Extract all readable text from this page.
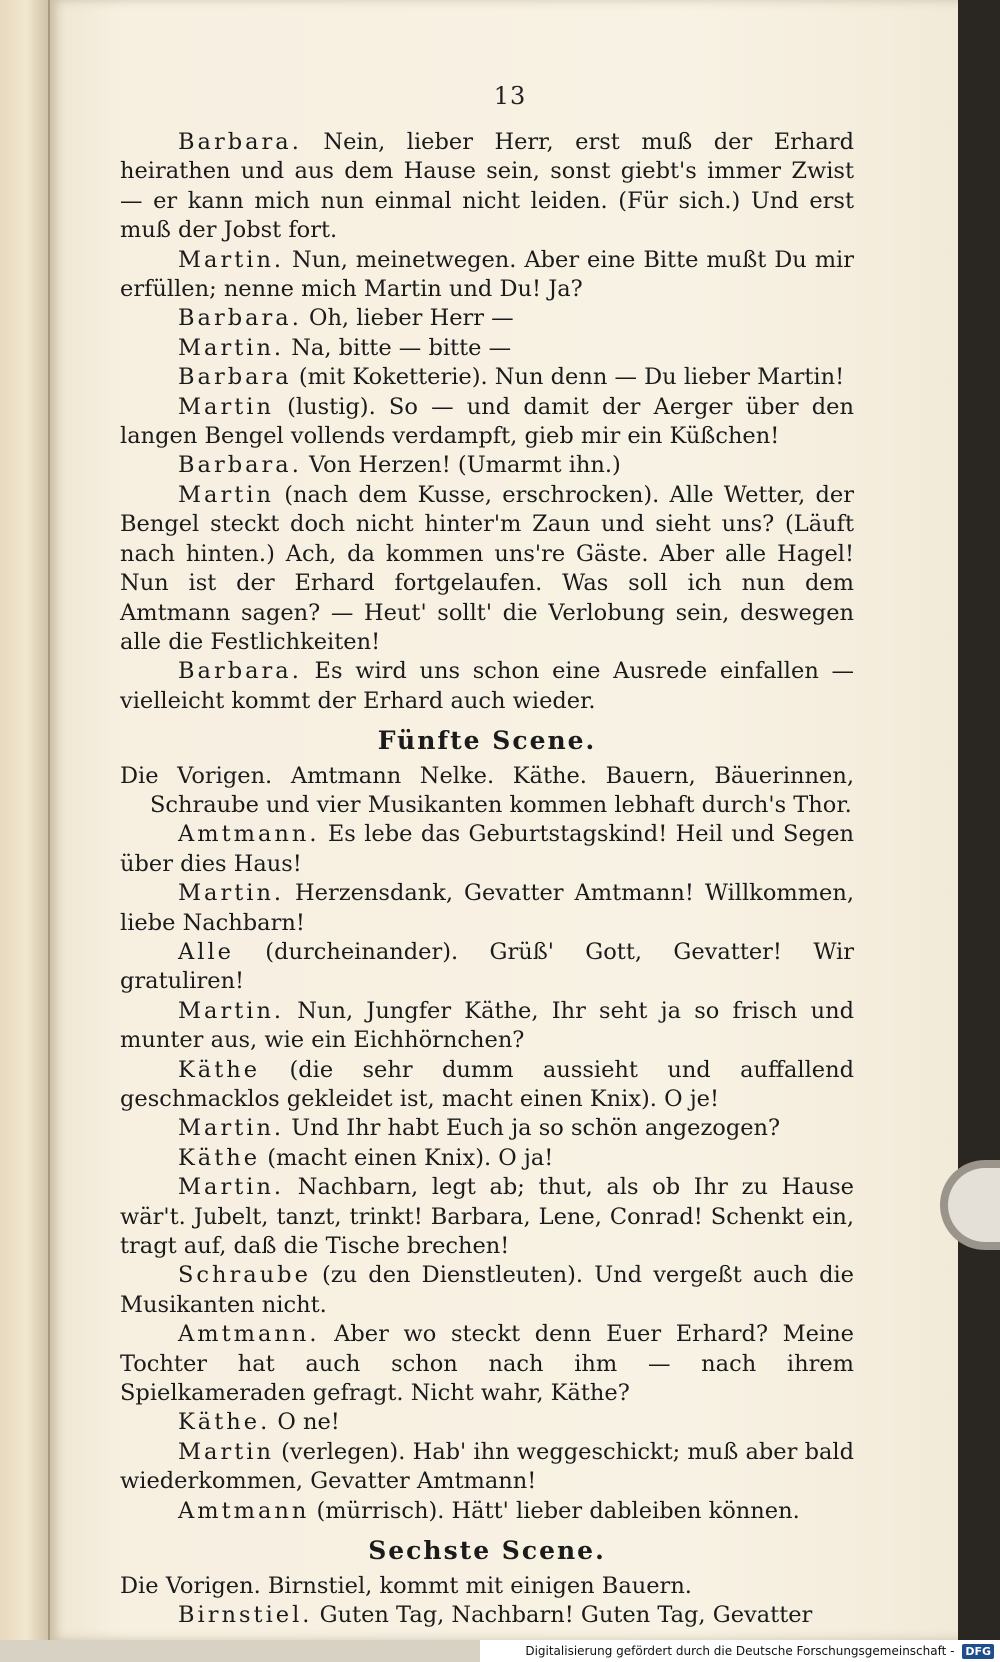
13

Barbara. Nein, lieber Herr, erst muß der Erhard heirathen und aus dem Hause sein, sonst giebt's immer Zwist — er kann mich nun einmal nicht leiden. (Für sich.) Und erst muß der Jobst fort.

Martin. Nun, meinetwegen. Aber eine Bitte mußt Du mir erfüllen; nenne mich Martin und Du! Ja?

Barbara. Oh, lieber Herr —

Martin. Na, bitte — bitte —

Barbara (mit Koketterie). Nun denn — Du lieber Martin!

Martin (lustig). So — und damit der Aerger über den langen Bengel vollends verdampft, gieb mir ein Küßchen!

Barbara. Von Herzen! (Umarmt ihn.)

Martin (nach dem Kusse, erschrocken). Alle Wetter, der Bengel steckt doch nicht hinter'm Zaun und sieht uns? (Läuft nach hinten.) Ach, da kommen uns're Gäste. Aber alle Hagel! Nun ist der Erhard fortgelaufen. Was soll ich nun dem Amtmann sagen? — Heut' sollt' die Verlobung sein, deswegen alle die Festlichkeiten!

Barbara. Es wird uns schon eine Ausrede einfallen — vielleicht kommt der Erhard auch wieder.

Fünfte Scene.

Die Vorigen. Amtmann Nelke. Käthe. Bauern, Bäuerinnen, Schraube und vier Musikanten kommen lebhaft durch's Thor.

Amtmann. Es lebe das Geburtstagskind! Heil und Segen über dies Haus!

Martin. Herzensdank, Gevatter Amtmann! Willkommen, liebe Nachbarn!

Alle (durcheinander). Grüß' Gott, Gevatter! Wir gratuliren!

Martin. Nun, Jungfer Käthe, Ihr seht ja so frisch und munter aus, wie ein Eichhörnchen?

Käthe (die sehr dumm aussieht und auffallend geschmacklos gekleidet ist, macht einen Knix). O je!

Martin. Und Ihr habt Euch ja so schön angezogen?

Käthe (macht einen Knix). O ja!

Martin. Nachbarn, legt ab; thut, als ob Ihr zu Hause wär't. Jubelt, tanzt, trinkt! Barbara, Lene, Conrad! Schenkt ein, tragt auf, daß die Tische brechen!

Schraube (zu den Dienstleuten). Und vergeßt auch die Musikanten nicht.

Amtmann. Aber wo steckt denn Euer Erhard? Meine Tochter hat auch schon nach ihm — nach ihrem Spielkameraden gefragt. Nicht wahr, Käthe?

Käthe. O ne!

Martin (verlegen). Hab' ihn weggeschickt; muß aber bald wiederkommen, Gevatter Amtmann!

Amtmann (mürrisch). Hätt' lieber dableiben können.

Sechste Scene.

Die Vorigen. Birnstiel, kommt mit einigen Bauern.

Birnstiel. Guten Tag, Nachbarn! Guten Tag, Gevatter

Digitalisierung gefördert durch die Deutsche Forschungsgemeinschaft - DFG
